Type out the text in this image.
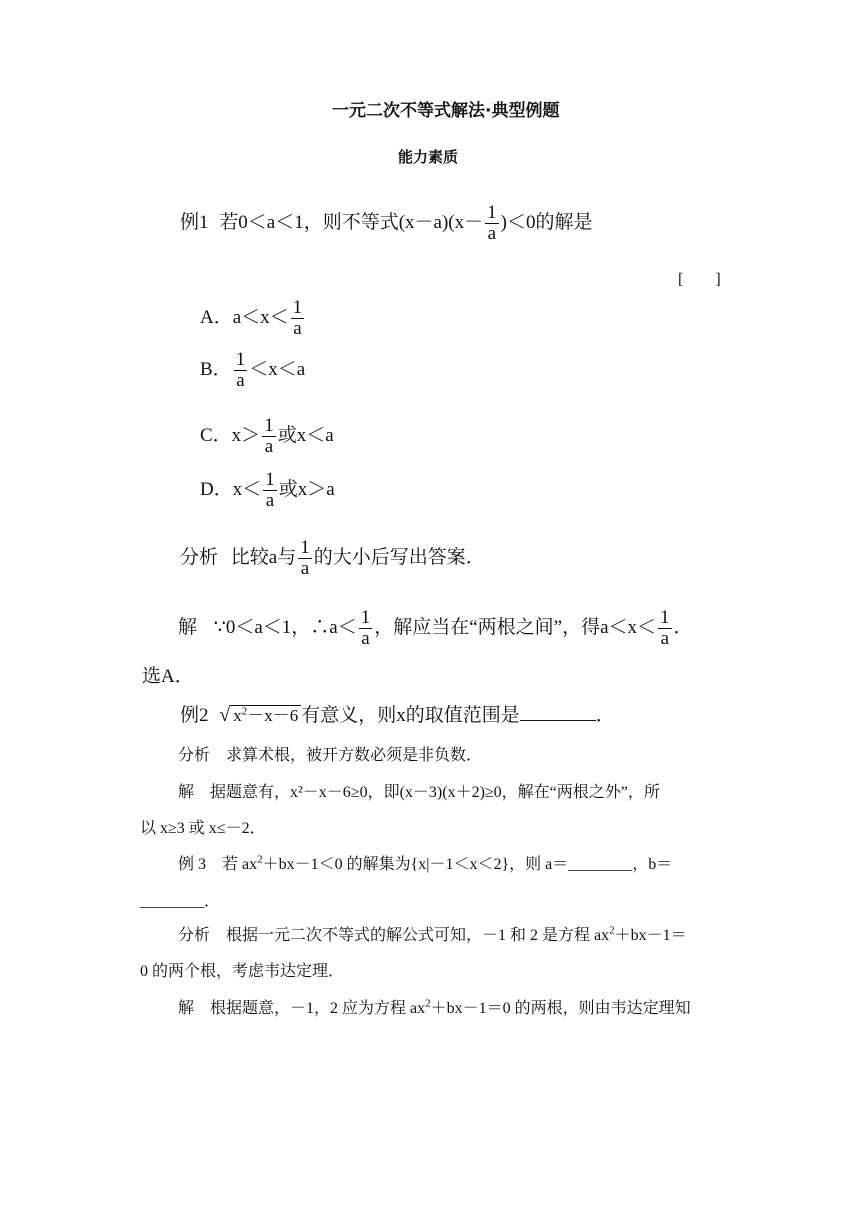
一元二次不等式解法·典型例题
能力素质
例1 若0＜a＜1，则不等式$(x-a)(x- \frac{1}{a} )<0$的解是
[　　]
A．$a<x< \frac{1}{a}$
B． $\frac{1}{a} <x<a$
C．$x> \frac{1}{a}$ 或x＜a
D．$x< \frac{1}{a}$ 或x＞a
分析 比较a与 $\frac{1}{a}$ 的大小后写出答案．
解 ∵0＜a＜1，∴a＜ $\frac{1}{a}$ ，解应当在“两根之间”，得$a<x< \frac{1}{a}$ ．
选A．
例2 √ $x^2-x-6$ 有意义，则x的取值范围是	．
分析　求算术根，被开方数必须是非负数．
解　据题意有，x²－x－6≥0，即(x－3)(x＋2)≥0，解在“两根之外”，所
以 x≥3 或 x≤－2．
例 3　若 $ax^2+bx-1<0$ 的解集为{x|－1＜x＜2}，则 a＝________，b＝
________．
分析　根据一元二次不等式的解公式可知，－1 和 2 是方程 $ax^2+bx-1=$
0 的两个根，考虑韦达定理．
解　根据题意，－1，2 应为方程 $ax^2+bx-1=0$ 的两根，则由韦达定理知
